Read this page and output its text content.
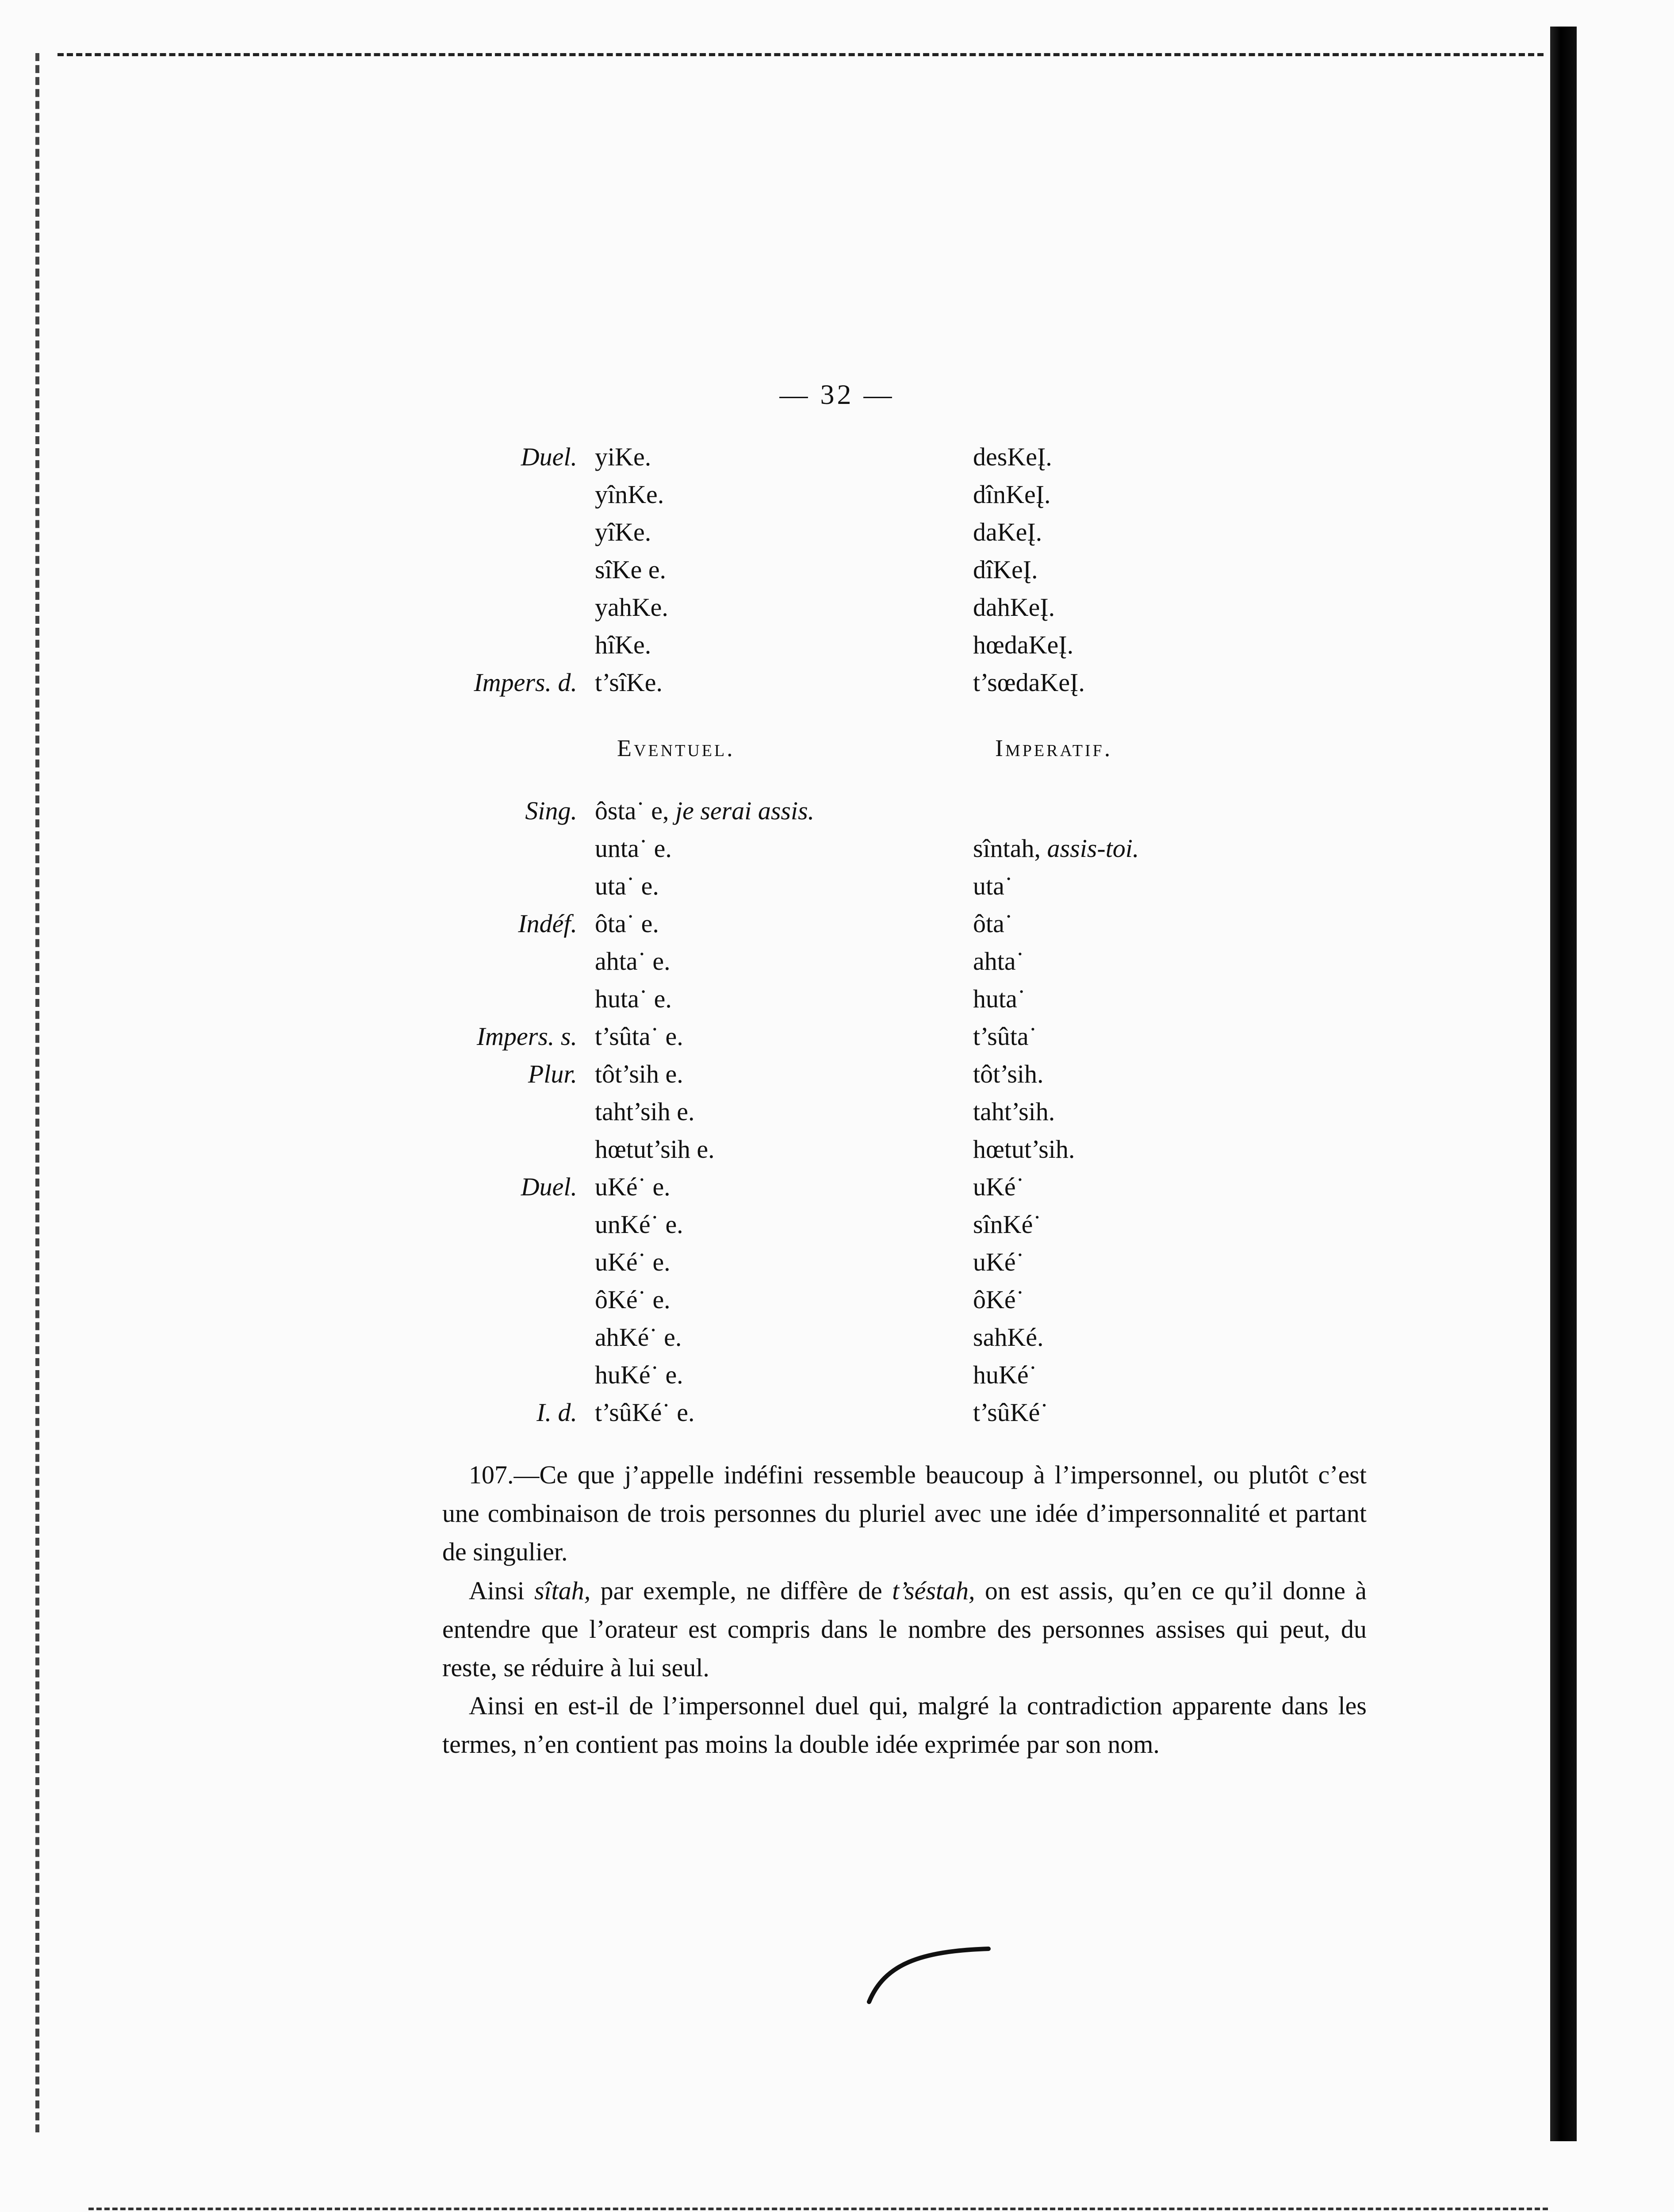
— 32 —
Duel. yiKe.	desKeĮ.
yînKe.	dînKeĮ.
yîKe.	daKeĮ.
sîKe e.	dîKeĮ.
yahKe.	dahKeĮ.
hîKe.	hœdaKeĮ.
Impers. d. t’sîKe.	t’sœdaKeĮ.
Eventuel.	Imperatif.
Sing. ôsta˙ e, je serai assis.
unta˙ e.	sîntah, assis-toi.
uta˙ e.	uta˙
Indéf. ôta˙ e.	ôta˙
ahta˙ e.	ahta˙
huta˙ e.	huta˙
Impers. s. t’sûta˙ e.	t’sûta˙
Plur. tôt’sih e.	tôt’sih.
taht’sih e.	taht’sih.
hœtut’sih e.	hœtut’sih.
Duel. uKé˙ e.	uKé˙
unKé˙ e.	sînKé˙
uKé˙ e.	uKé˙
ôKé˙ e.	ôKé˙
ahKé˙ e.	sahKé.
huKé˙ e.	huKé˙
I. d. t’sûKé˙ e.	t’sûKé˙

107.—Ce que j’appelle indéfini ressemble beaucoup à l’impersonnel, ou plutôt c’est une combinaison de trois personnes du pluriel avec une idée d’impersonnalité et partant de singulier.

Ainsi sîtah, par exemple, ne diffère de t’séstah, on est assis, qu’en ce qu’il donne à entendre que l’orateur est compris dans le nombre des personnes assises qui peut, du reste, se réduire à lui seul.

Ainsi en est-il de l’impersonnel duel qui, malgré la contradiction apparente dans les termes, n’en contient pas moins la double idée exprimée par son nom.
